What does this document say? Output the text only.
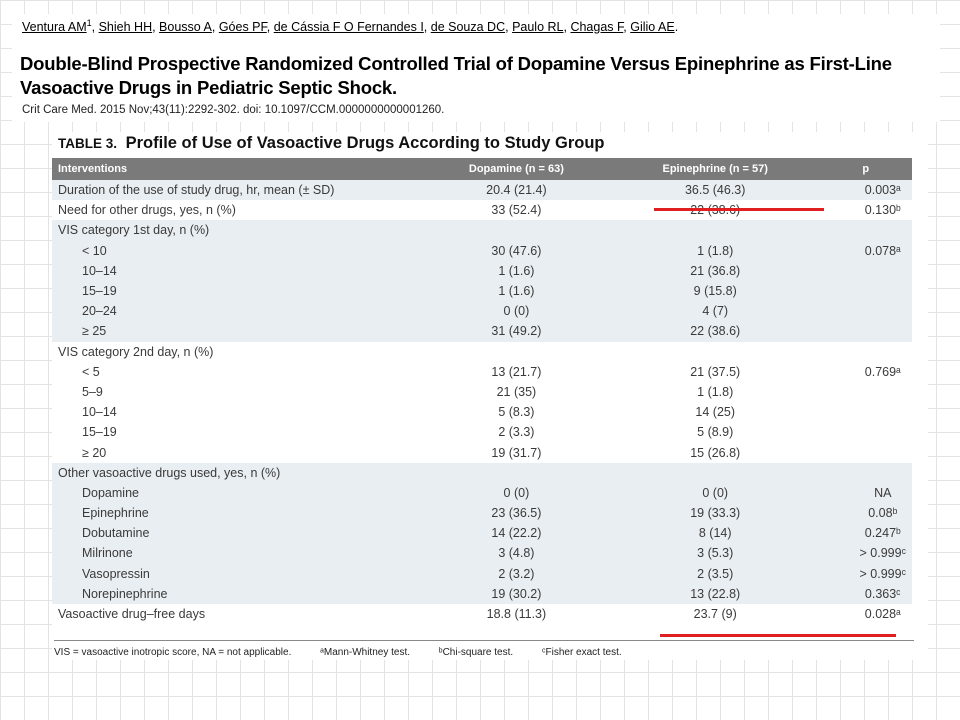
Ventura $AM^1$, Shieh HH, Bousso A, Góes PF, de Cássia F O Fernandes I, de Souza DC, Paulo RL, Chagas F, Gilio AE.
Double-Blind Prospective Randomized Controlled Trial of Dopamine Versus Epinephrine as First-Line Vasoactive Drugs in Pediatric Septic Shock.
Crit Care Med. 2015 Nov;43(11):2292-302. doi: 10.1097/CCM.0000000000001260.
TABLE 3. Profile of Use of Vasoactive Drugs According to Study Group
Interventions	Dopamine (n = 63)	Epinephrine (n = 57)	p
Duration of the use of study drug, hr, mean (± SD)	20.4 (21.4)	36.5 (46.3)	0.003ᵃ
Need for other drugs, yes, n (%)	33 (52.4)		0.130ᵇ
VIS category 1st day, n (%)			
< 10	30 (47.6)	1 (1.8)	0.078ᵃ
10–14	1 (1.6)	21 (36.8)	
15–19	1 (1.6)	9 (15.8)	
20–24	0 (0)	4 (7)	
≥ 25	31 (49.2)	22 (38.6)	
VIS category 2nd day, n (%)			
< 5	13 (21.7)	21 (37.5)	0.769ᵃ
5–9	21 (35)	1 (1.8)	
10–14	5 (8.3)	14 (25)	
15–19	2 (3.3)	5 (8.9)	
≥ 20	19 (31.7)	15 (26.8)	
Other vasoactive drugs used, yes, n (%)			
Dopamine	0 (0)	0 (0)	NA
Epinephrine	23 (36.5)	19 (33.3)	0.08ᵇ
Dobutamine	14 (22.2)	8 (14)	0.247ᵇ
Milrinone	3 (4.8)	3 (5.3)	> 0.999ᶜ
Vasopressin	2 (3.2)	2 (3.5)	> 0.999ᶜ
Norepinephrine	19 (30.2)	13 (22.8)	0.363ᶜ
Vasoactive drug–free days	18.8 (11.3)	23.7 (9)	0.028ᵃ
VIS = vasoactive inotropic score, NA = not applicable.	ᵃMann-Whitney test.	ᵇChi-square test.	ᶜFisher exact test.
